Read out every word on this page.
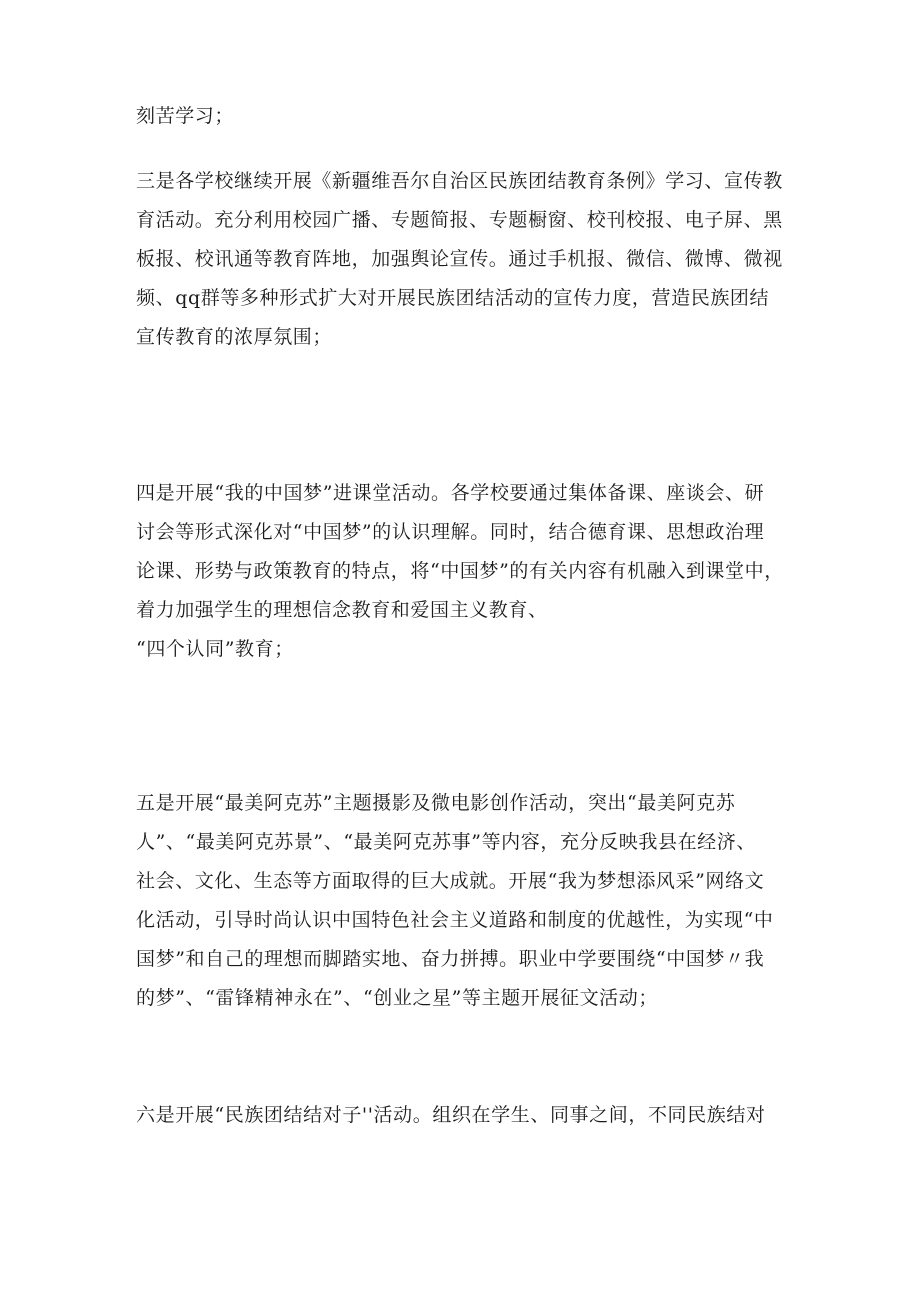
刻苦学习；
三是各学校继续开展《新疆维吾尔自治区民族团结教育条例》学习、宣传教
育活动。充分利用校园广播、专题简报、专题橱窗、校刊校报、电子屏、黑
板报、校讯通等教育阵地，加强舆论宣传。通过手机报、微信、微博、微视
频、qq群等多种形式扩大对开展民族团结活动的宣传力度，营造民族团结
宣传教育的浓厚氛围；
四是开展“我的中国梦”进课堂活动。各学校要通过集体备课、座谈会、研
讨会等形式深化对“中国梦”的认识理解。同时，结合德育课、思想政治理
论课、形势与政策教育的特点，将“中国梦”的有关内容有机融入到课堂中，
着力加强学生的理想信念教育和爱国主义教育、
“四个认同”教育；
五是开展“最美阿克苏”主题摄影及微电影创作活动，突出“最美阿克苏
人”、“最美阿克苏景”、“最美阿克苏事”等内容，充分反映我县在经济、
社会、文化、生态等方面取得的巨大成就。开展“我为梦想添风采”网络文
化活动，引导时尚认识中国特色社会主义道路和制度的优越性，为实现“中
国梦”和自己的理想而脚踏实地、奋力拼搏。职业中学要围绕“中国梦〃我
的梦”、“雷锋精神永在”、“创业之星”等主题开展征文活动；
六是开展“民族团结结对子''活动。组织在学生、同事之间，不同民族结对
